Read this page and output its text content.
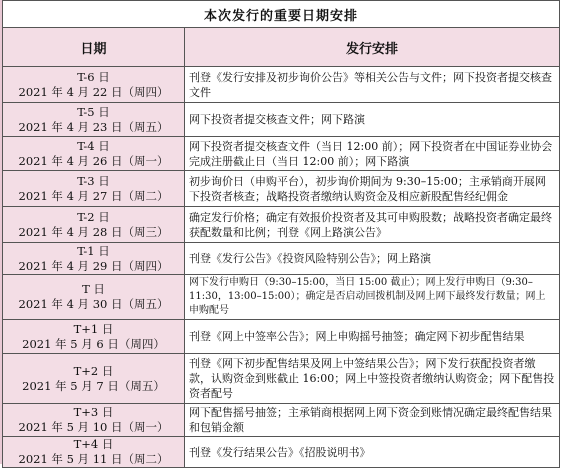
本次发行的重要日期安排	
日期	发行安排

T-6 日
2021 年 4 月 22 日（周四）	刊登《发行安排及初步询价公告》等相关公告与文件；网下投资者提交核查文件

T-5 日
2021 年 4 月 23 日（周五）	网下投资者提交核查文件；网下路演

T-4 日
2021 年 4 月 26 日（周一）	网下投资者提交核查文件（当日 12:00 前）；网下投资者在中国证券业协会完成注册截止日（当日 12:00 前）；网下路演

T-3 日
2021 年 4 月 27 日（周二）	初步询价日（申购平台），初步询价期间为 9:30–15:00；主承销商开展网下投资者核查；战略投资者缴纳认购资金及相应新股配售经纪佣金

T-2 日
2021 年 4 月 28 日（周三）	确定发行价格；确定有效报价投资者及其可申购股数；战略投资者确定最终获配数量和比例；刊登《网上路演公告》

T-1 日
2021 年 4 月 29 日（周四）	刊登《发行公告》《投资风险特别公告》；网上路演

T 日
2021 年 4 月 30 日（周五）	网下发行申购日（9:30–15:00，当日 15:00 截止）；网上发行申购日（9:30–11:30，13:00–15:00）；确定是否启动回拨机制及网上网下最终发行数量；网上申购配号

T+1 日
2021 年 5 月 6 日（周四）	刊登《网上中签率公告》；网上申购摇号抽签；确定网下初步配售结果

T+2 日
2021 年 5 月 7 日（周五）	刊登《网下初步配售结果及网上中签结果公告》；网下发行获配投资者缴款，认购资金到账截止 16:00；网上中签投资者缴纳认购资金；网下配售投资者配号

T+3 日
2021 年 5 月 10 日（周一）	网下配售摇号抽签；主承销商根据网上网下资金到账情况确定最终配售结果和包销金额

T+4 日
2021 年 5 月 11 日（周二）	刊登《发行结果公告》《招股说明书》
